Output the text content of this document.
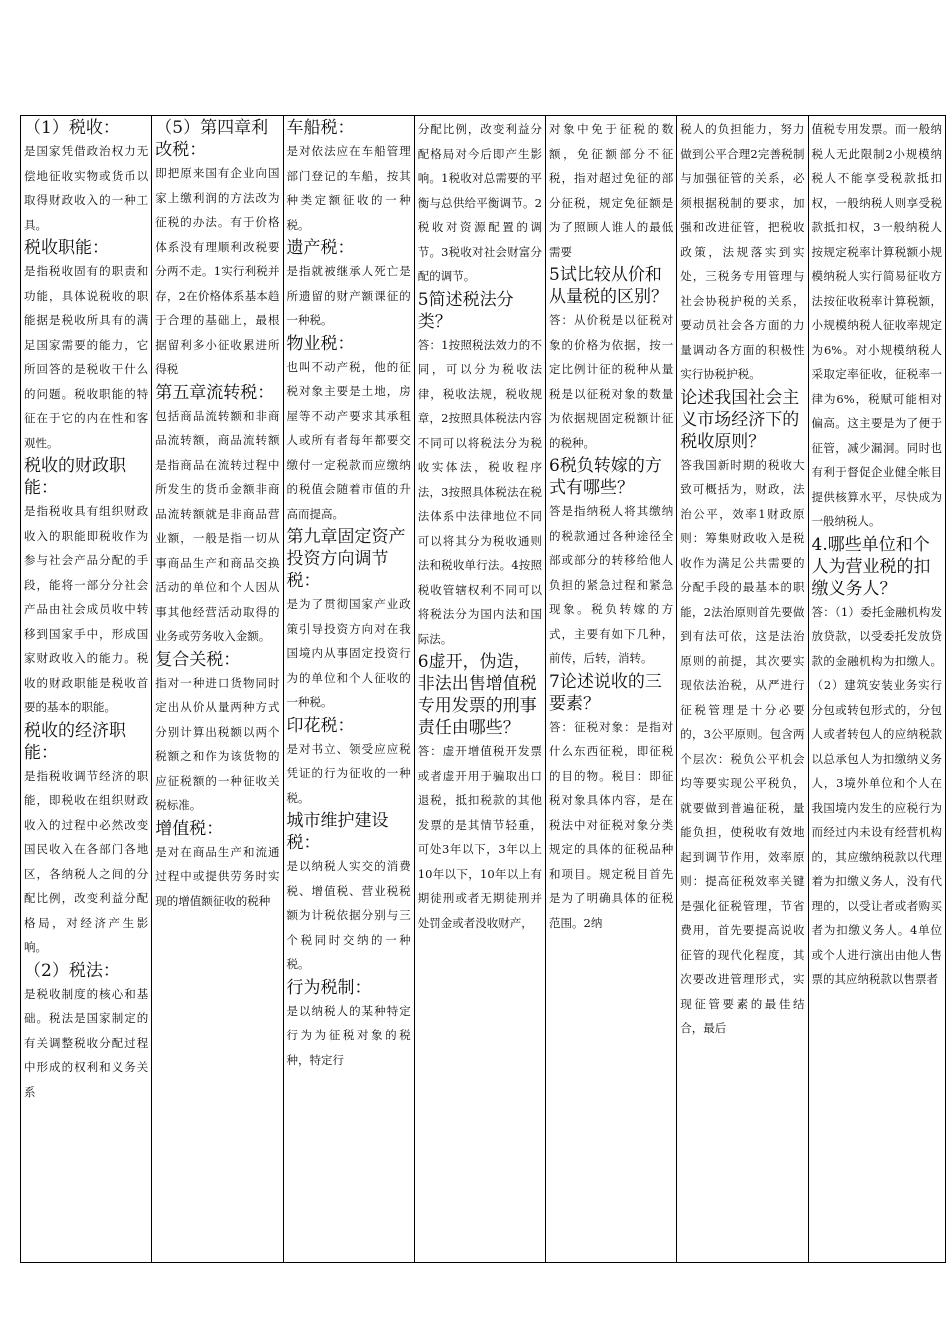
（1）税收：

是国家凭借政治权力无偿地征收实物或货币以取得财政收入的一种工具。

税收职能：

是指税收固有的职责和功能，具体说税收的职能据是税收所具有的满足国家需要的能力，它所回答的是税收干什么的问题。税收职能的特征在于它的内在性和客观性。

税收的财政职能：

是指税收具有组织财政收入的职能即税收作为参与社会产品分配的手段，能将一部分分社会产品由社会成员收中转移到国家手中，形成国家财政收入的能力。税收的财政职能是税收首要的基本的职能。

税收的经济职能：

是指税收调节经济的职能，即税收在组织财政收入的过程中必然改变国民收入在各部门各地区，各纳税人之间的分配比例，改变利益分配格局，对经济产生影响。

（2）税法：

是税收制度的核心和基础。税法是国家制定的有关调整税收分配过程中形成的权利和义务关系

（5）第四章利改税：

即把原来国有企业向国家上缴利润的方法改为征税的办法。有于价格体系没有理顺利改税要分两不走。1实行利税并存，2在价格体系基本趋于合理的基础上，最根据留利多小征收累进所得税

第五章流转税：

包括商品流转额和非商品流转额，商品流转额是指商品在流转过程中所发生的货币金额非商品流转额就是非商品营业额，一般是指一切从事商品生产和商品交换活动的单位和个人因从事其他经营活动取得的业务或劳务收入金额。

复合关税：

指对一种进口货物同时定出从价从量两种方式分别计算出税额以两个税额之和作为该货物的应征税额的一种征收关税标准。

增值税：

是对在商品生产和流通过程中或提供劳务时实现的增值额征收的税种

车船税：

是对依法应在车船管理部门登记的车船，按其种类定额征收的一种税。

遗产税：

是指就被继承人死亡是所遗留的财产额课征的一种税。

物业税：

也叫不动产税，他的征税对象主要是土地，房屋等不动产要求其承租人或所有者每年都要交缴付一定税款而应缴纳的税值会随着市值的升高而提高。

第九章固定资产投资方向调节税：

是为了贯彻国家产业政策引导投资方向对在我国境内从事固定投资行为的单位和个人征收的一种税。

印花税：

是对书立、领受应应税凭证的行为征收的一种税。

城市维护建设税：

是以纳税人实交的消费税、增值税、营业税税额为计税依据分别与三个税同时交纳的一种税。

行为税制：

是以纳税人的某种特定行为为征税对象的税种，特定行

分配比例，改变利益分配格局对今后即产生影响。1税收对总需要的平衡与总供给平衡调节。2税收对资源配置的调节。3税收对社会财富分配的调节。

5简述税法分类？

答：1按照税法效力的不同，可以分为税收法律，税收法规，税收规章，2按照具体税法内容不同可以将税法分为税收实体法，税收程序法，3按照具体税法在税法体系中法律地位不同可以将其分为税收通则法和税收单行法。4按照税收管辖权利不同可以将税法分为国内法和国际法。

6虚开，伪造，非法出售增值税专用发票的刑事责任由哪些？

答：虚开增值税开发票或者虚开用于骗取出口退税，抵扣税款的其他发票的是其情节轻重，可处3年以下，3年以上10年以下，10年以上有期徒刑或者无期徒刑并处罚金或者没收财产，

对象中免于征税的数额，免征额部分不征税，指对超过免征的部分征税，规定免征额是为了照顾人谁人的最低需要

5试比较从价和从量税的区别？

答：从价税是以征税对象的价格为依据，按一定比例计征的税种从量税是以征税对象的数量为依据规固定税额计征的税种。

6税负转嫁的方式有哪些？

答是指纳税人将其缴纳的税款通过各种途径全部或部分的转移给他人负担的紧急过程和紧急现象。税负转嫁的方式，主要有如下几种，前传，后转，消转。

7论述说收的三要素？

答：征税对象：是指对什么东西征税，即征税的目的物。税目：即征税对象具体内容，是在税法中对征税对象分类规定的具体的征税品种和项目。规定税目首先是为了明确具体的征税范围。2纳

税人的负担能力，努力做到公平合理2完善税制与加强征管的关系，必须根据税制的要求，加强和改进征管，把税收政策，法规落实到实处，三税务专用管理与社会协税护税的关系，要动员社会各方面的力量调动各方面的积极性实行协税护税。

论述我国社会主义市场经济下的税收原则？

答我国新时期的税收大致可概括为，财政，法治公平，效率1财政原则：筹集财政收入是税收作为满足公共需要的分配手段的最基本的职能，2法治原则首先要做到有法可依，这是法治原则的前提，其次要实现依法治税，从严进行征税管理是十分必要的，3公平原则。包含两个层次：税负公平机会均等要实现公平税负，就要做到普遍征税，量能负担，使税收有效地起到调节作用，效率原则：提高征税效率关键是强化征税管理，节省费用，首先要提高说收征管的现代化程度，其次要改进管理形式，实现征管要素的最佳结合，最后

值税专用发票。而一般纳税人无此限制2小规模纳税人不能享受税款抵扣权，一般纳税人则享受税款抵扣权，3一般纳税人按规定税率计算税额小规模纳税人实行简易征收方法按征收税率计算税额，小规模纳税人征收率规定为6%。对小规模纳税人采取定率征收，征税率一律为6%，税赋可能相对偏高。这主要是为了便于征管，减少漏洞。同时也有利于督促企业健全帐目提供核算水平，尽快成为一般纳税人。

4.哪些单位和个人为营业税的扣缴义务人？

答：（1）委托金融机构发放贷款，以受委托发放贷款的金融机构为扣缴人。（2）建筑安装业务实行分包或转包形式的，分包人或者转包人的应纳税款以总承包人为扣缴纳义务人，3境外单位和个人在我国境内发生的应税行为而经过内未设有经营机构的，其应缴纳税款以代理着为扣缴义务人，没有代理的，以受让者或者购买者为扣缴义务人。4单位或个人进行演出由他人售票的其应纳税款以售票者
